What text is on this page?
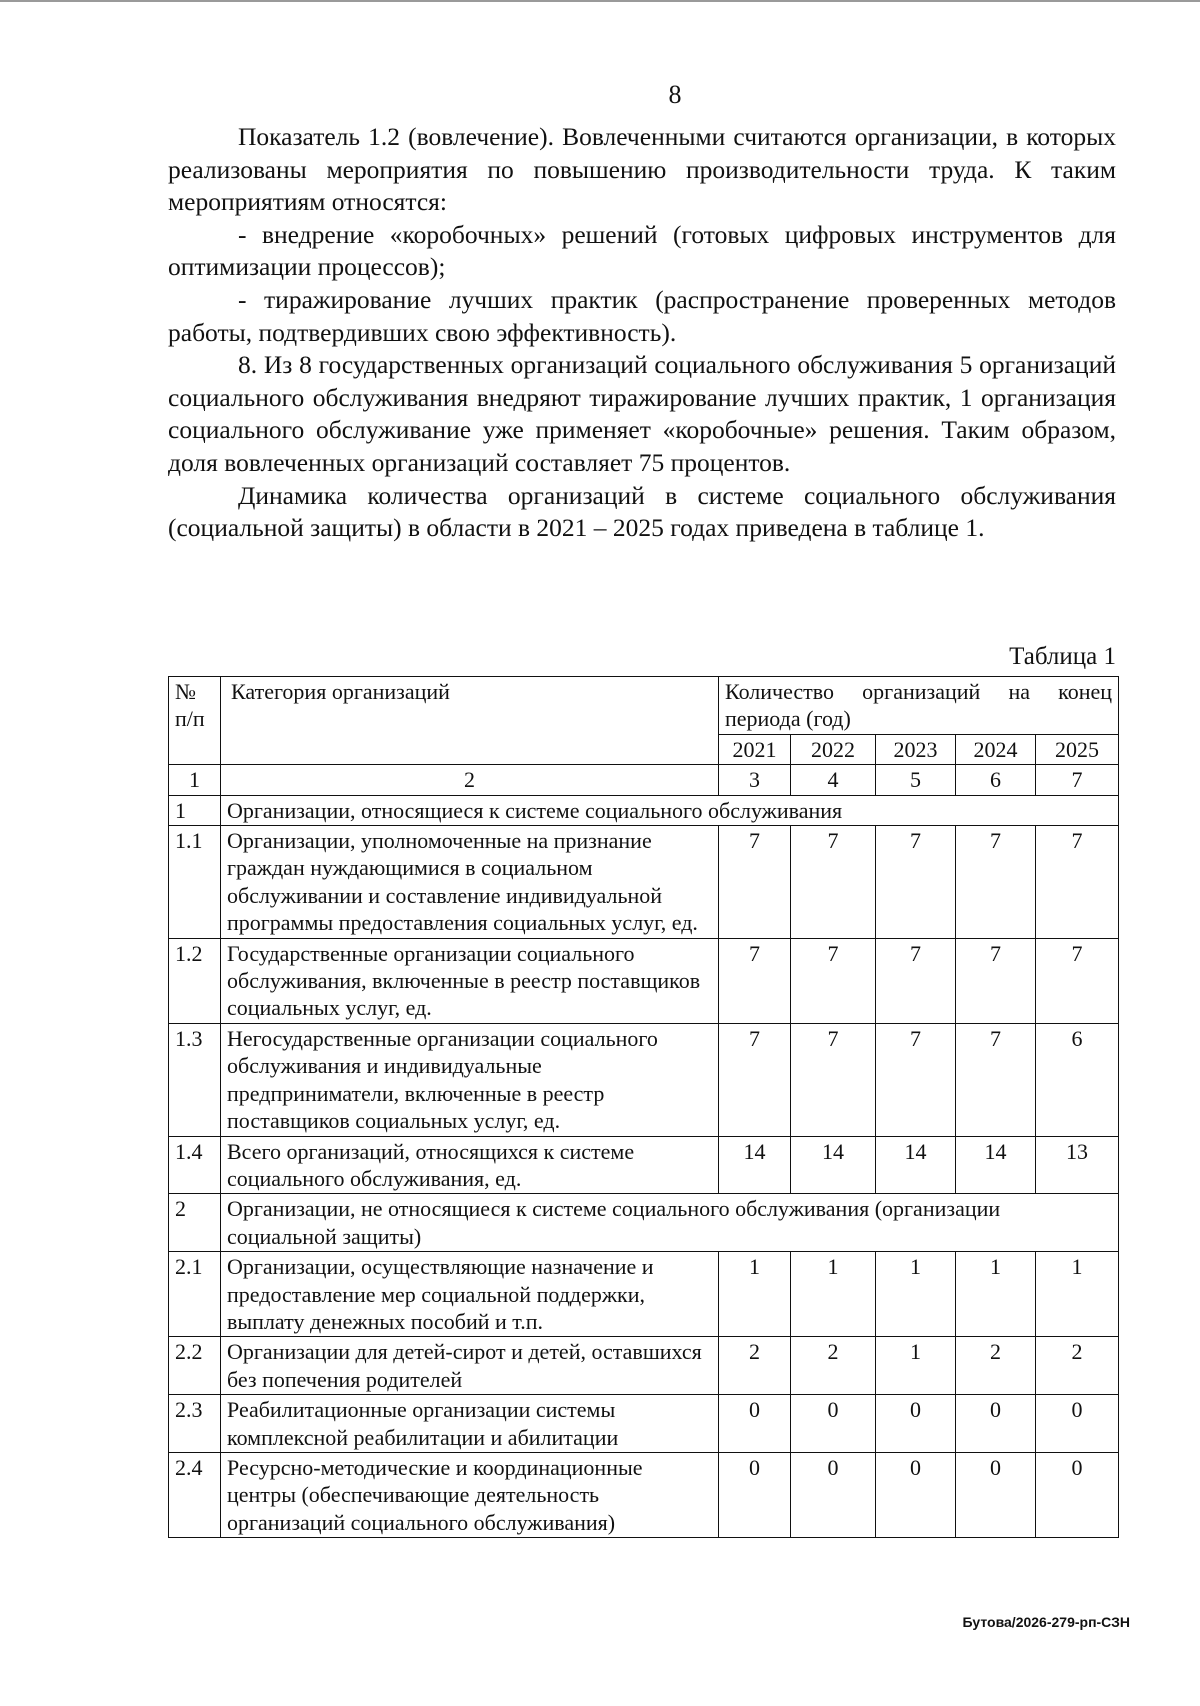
8

Показатель 1.2 (вовлечение). Вовлеченными считаются организации, в которых реализованы мероприятия по повышению производительности труда. К таким мероприятиям относятся:

- внедрение «коробочных» решений (готовых цифровых инструментов для оптимизации процессов);

- тиражирование лучших практик (распространение проверенных методов работы, подтвердивших свою эффективность).

8. Из 8 государственных организаций социального обслуживания 5 организаций социального обслуживания внедряют тиражирование лучших практик, 1 организация социального обслуживание уже применяет «коробочные» решения. Таким образом, доля вовлеченных организаций составляет 75 процентов.

Динамика количества организаций в системе социального обслуживания (социальной защиты) в области в 2021 – 2025 годах приведена в таблице 1.

Таблица 1
№ п/п	Категория организаций	Количество организаций на конец периода (год)				
		2021	2022	2023	2024	2025
1	2	3	4	5	6	7
1	Организации, относящиеся к системе социального обслуживания					
1.1	Организации, уполномоченные на признание граждан нуждающимися в социальном обслуживании и составление индивидуальной программы предоставления социальных услуг, ед.	7	7	7	7	7
1.2	Государственные организации социального обслуживания, включенные в реестр поставщиков социальных услуг, ед.	7	7	7	7	7
1.3	Негосударственные организации социального обслуживания и индивидуальные предприниматели, включенные в реестр поставщиков социальных услуг, ед.	7	7	7	7	6
1.4	Всего организаций, относящихся к системе социального обслуживания, ед.	14	14	14	14	13
2	Организации, не относящиеся к системе социального обслуживания (организации социальной защиты)					
2.1	Организации, осуществляющие назначение и предоставление мер социальной поддержки, выплату денежных пособий и т.п.	1	1	1	1	1
2.2	Организации для детей-сирот и детей, оставшихся без попечения родителей	2	2	1	2	2
2.3	Реабилитационные организации системы комплексной реабилитации и абилитации	0	0	0	0	0
2.4	Ресурсно-методические и координационные центры (обеспечивающие деятельность организаций социального обслуживания)	0	0	0	0	0
Бутова/2026-279-рп-СЗН
